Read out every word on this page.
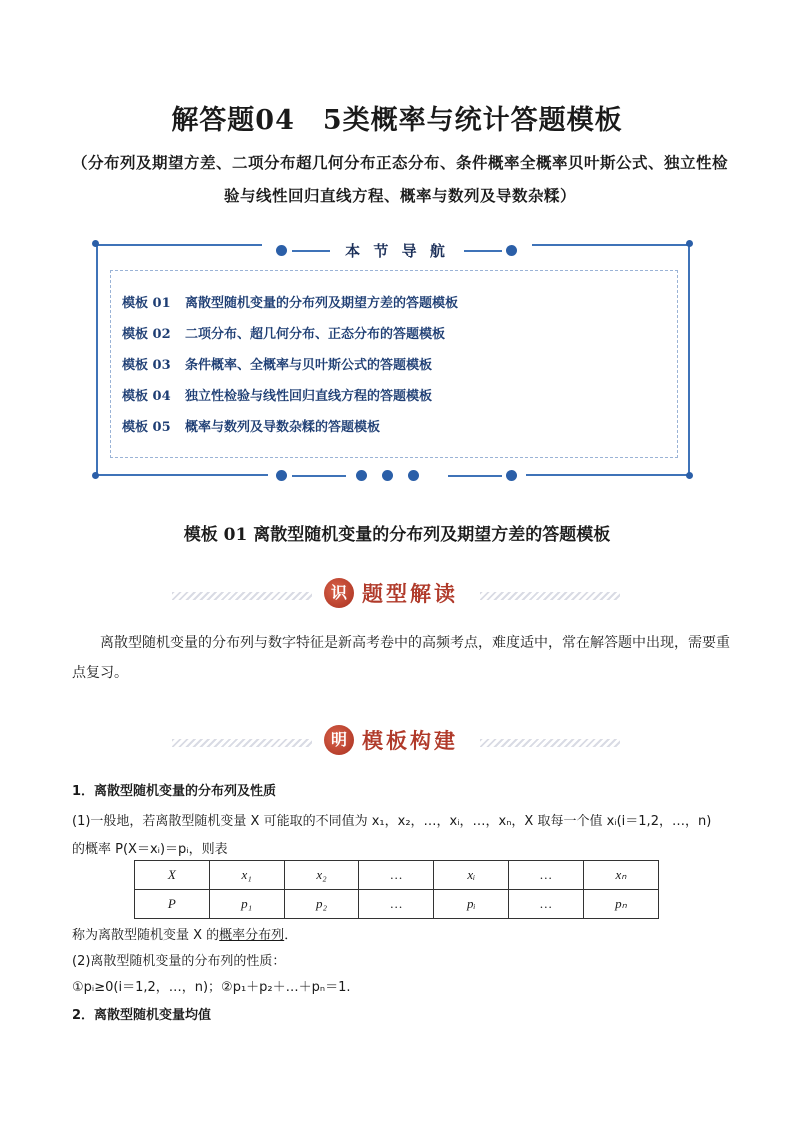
解答题04　5类概率与统计答题模板
（分布列及期望方差、二项分布超几何分布正态分布、条件概率全概率贝叶斯公式、独立性检验与线性回归直线方程、概率与数列及导数杂糅）
本 节 导 航
模板 01 离散型随机变量的分布列及期望方差的答题模板
模板 02 二项分布、超几何分布、正态分布的答题模板
模板 03 条件概率、全概率与贝叶斯公式的答题模板
模板 04 独立性检验与线性回归直线方程的答题模板
模板 05 概率与数列及导数杂糅的答题模板
模板 01 离散型随机变量的分布列及期望方差的答题模板
识 题型解读
离散型随机变量的分布列与数字特征是新高考卷中的高频考点，难度适中，常在解答题中出现，需要重点复习。
明 模板构建
1．离散型随机变量的分布列及性质
(1)一般地，若离散型随机变量 X 可能取的不同值为 x₁，x₂，…，xᵢ，…，xₙ，X 取每一个值 xᵢ(i＝1,2，…，n)
的概率 P(X＝xᵢ)＝pᵢ，则表
X	x₁	x₂	…	xᵢ	…	xₙ
P	p₁	p₂	…	pᵢ	…	pₙ
称为离散型随机变量 X 的概率分布列．
(2)离散型随机变量的分布列的性质：
①pᵢ≥0(i＝1,2，…，n)；②p₁＋p₂＋…＋pₙ＝1.
2．离散型随机变量均值
